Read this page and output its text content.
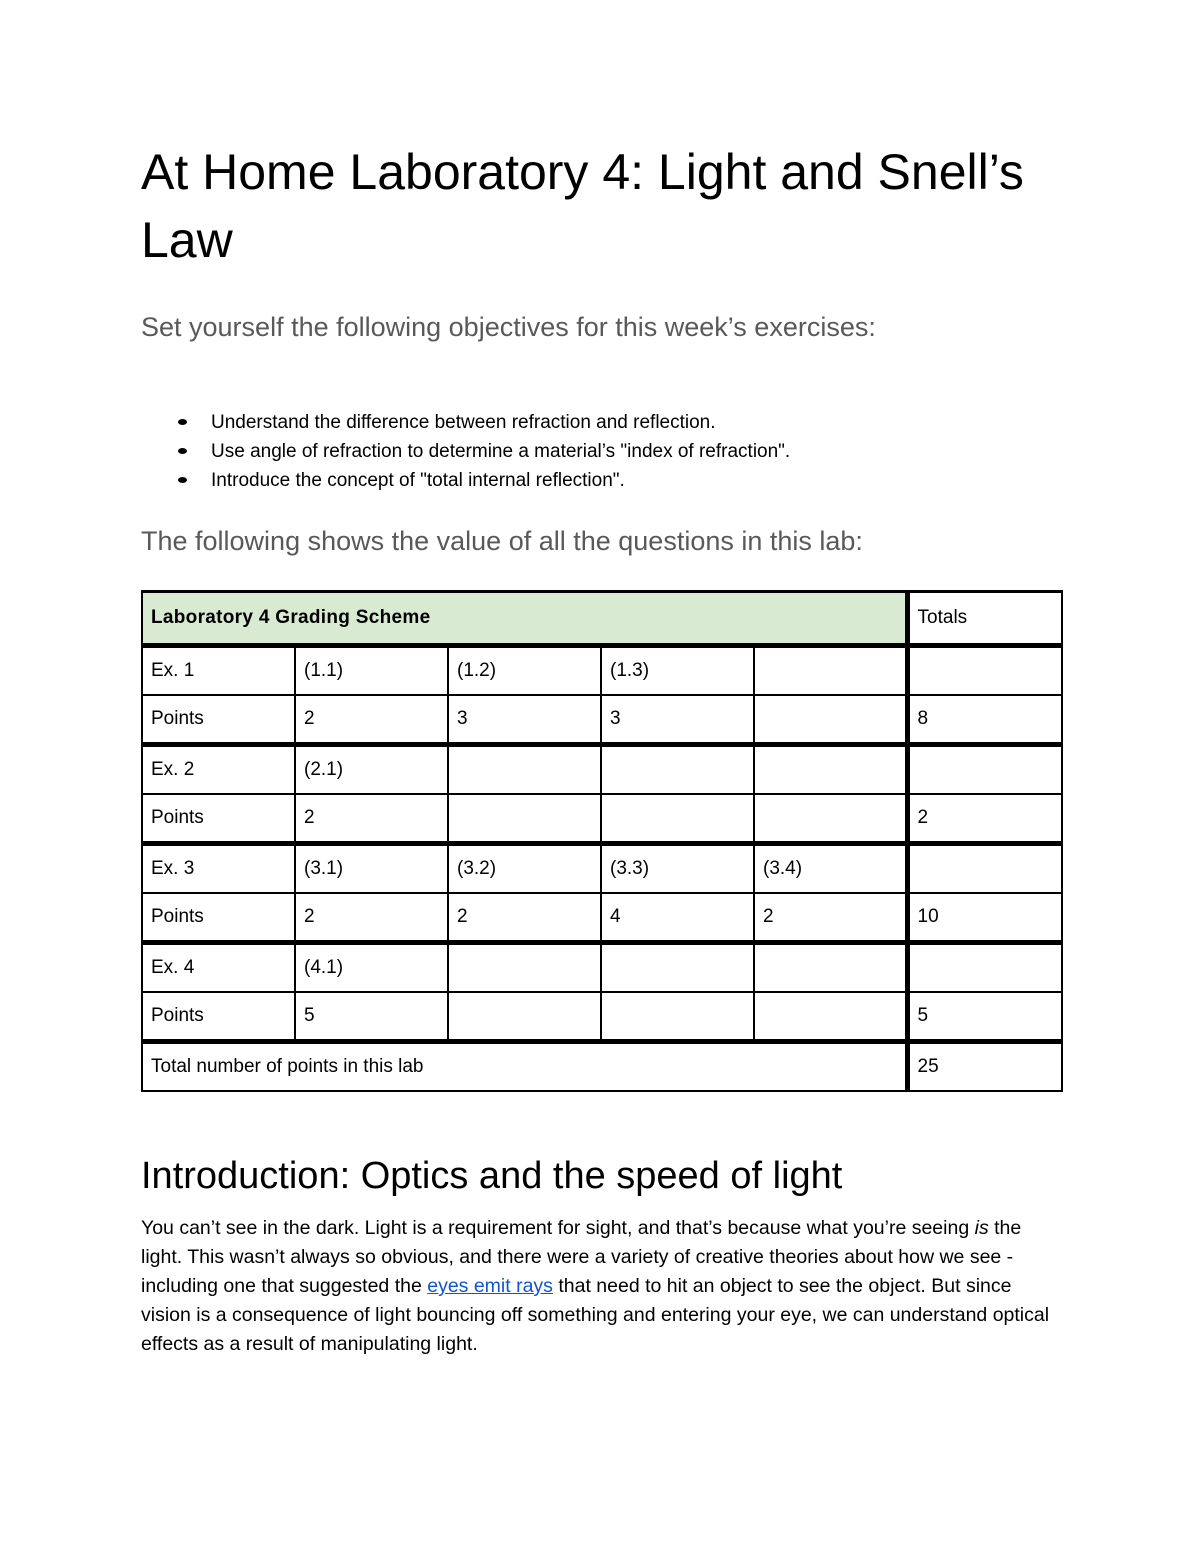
At Home Laboratory 4: Light and Snell’s Law
Set yourself the following objectives for this week’s exercises:
Understand the difference between refraction and reflection.
Use angle of refraction to determine a material’s "index of refraction".
Introduce the concept of "total internal reflection".
The following shows the value of all the questions in this lab:
Laboratory 4 Grading Scheme					Totals
Ex. 1	(1.1)	(1.2)	(1.3)		
Points	2	3	3		8
Ex. 2	(2.1)				
Points	2				2
Ex. 3	(3.1)	(3.2)	(3.3)	(3.4)	
Points	2	2	4	2	10
Ex. 4	(4.1)				
Points	5				5
Total number of points in this lab					25
Introduction: Optics and the speed of light

You can’t see in the dark. Light is a requirement for sight, and that’s because what you’re seeing is the light. This wasn’t always so obvious, and there were a variety of creative theories about how we see - including one that suggested the eyes emit rays that need to hit an object to see the object. But since vision is a consequence of light bouncing off something and entering your eye, we can understand optical effects as a result of manipulating light.
